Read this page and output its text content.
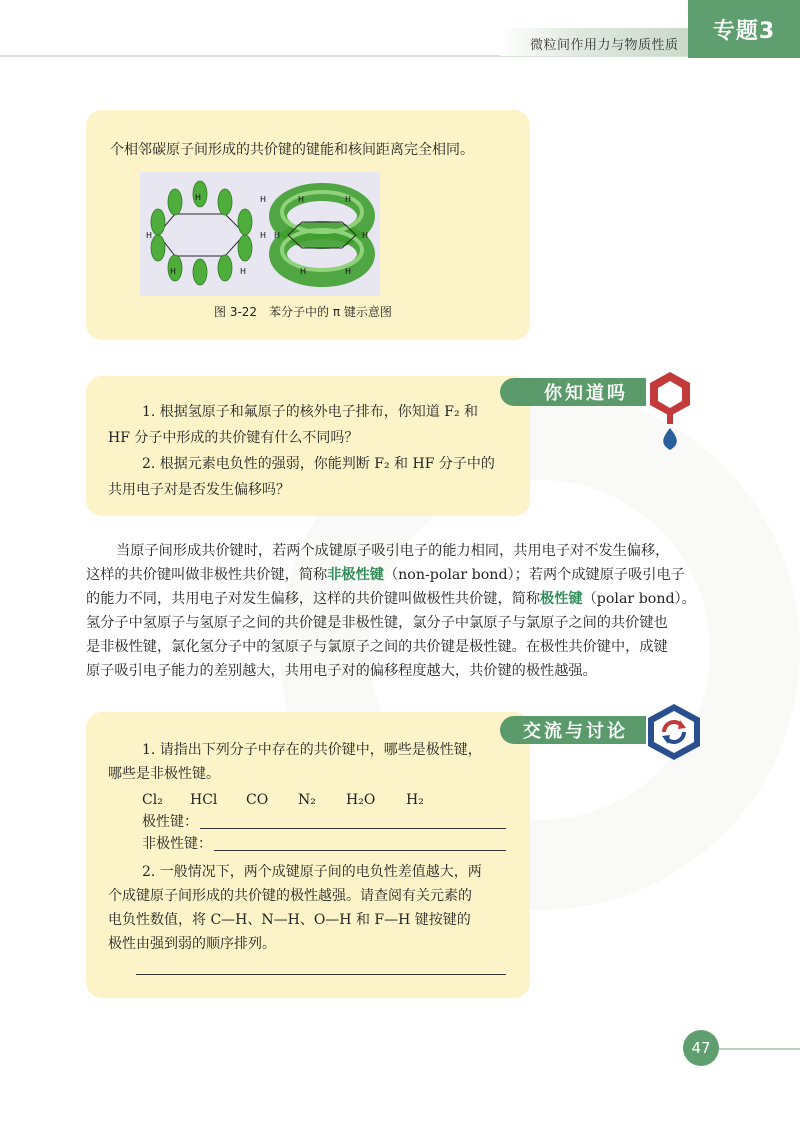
微粒间作用力与物质性质
专题3
个相邻碳原子间形成的共价键的键能和核间距离完全相同。
H	H
H	H
H	H
H	H
H	H
H	H
图 3-22　苯分子中的 π 键示意图
你知道吗
1. 根据氢原子和氟原子的核外电子排布，你知道 F₂ 和
HF 分子中形成的共价键有什么不同吗？
2. 根据元素电负性的强弱，你能判断 F₂ 和 HF 分子中的
共用电子对是否发生偏移吗？
当原子间形成共价键时，若两个成键原子吸引电子的能力相同，共用电子对不发生偏移，
这样的共价键叫做非极性共价键，简称非极性键（non-polar bond）；若两个成键原子吸引电子
的能力不同，共用电子对发生偏移，这样的共价键叫做极性共价键，简称极性键（polar bond）。
氢分子中氢原子与氢原子之间的共价键是非极性键，氯分子中氯原子与氯原子之间的共价键也
是非极性键，氯化氢分子中的氢原子与氯原子之间的共价键是极性键。在极性共价键中，成键
原子吸引电子能力的差别越大，共用电子对的偏移程度越大，共价键的极性越强。
交流与讨论
1. 请指出下列分子中存在的共价键中，哪些是极性键，
哪些是非极性键。
Cl₂ HCl CO N₂ H₂O H₂
极性键：
非极性键：
2. 一般情况下，两个成键原子间的电负性差值越大，两
个成键原子间形成的共价键的极性越强。请查阅有关元素的
电负性数值，将 C—H、N—H、O—H 和 F—H 键按键的
极性由强到弱的顺序排列。
47
